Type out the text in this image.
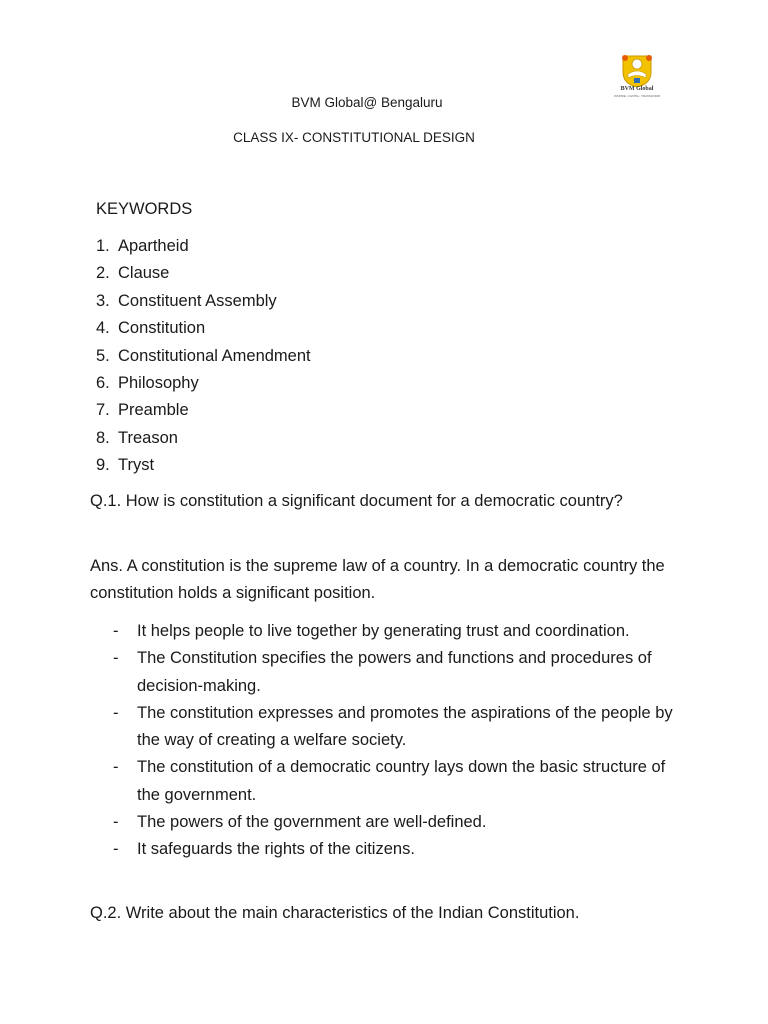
BVM Global
INSPIRE • IGNITE • TRANSFORM
BVM Global@ Bengaluru
CLASS IX- CONSTITUTIONAL DESIGN
KEYWORDS
1. Apartheid
2. Clause
3. Constituent Assembly
4. Constitution
5. Constitutional Amendment
6. Philosophy
7. Preamble
8. Treason
9. Tryst
Q.1. How is constitution a significant document for a democratic country?
Ans. A constitution is the supreme law of a country. In a democratic country the constitution holds a significant position.
- It helps people to live together by generating trust and coordination.
- The Constitution specifies the powers and functions and procedures of decision-making.
- The constitution expresses and promotes the aspirations of the people by the way of creating a welfare society.
- The constitution of a democratic country lays down the basic structure of the government.
- The powers of the government are well-defined.
- It safeguards the rights of the citizens.
Q.2. Write about the main characteristics of the Indian Constitution.
